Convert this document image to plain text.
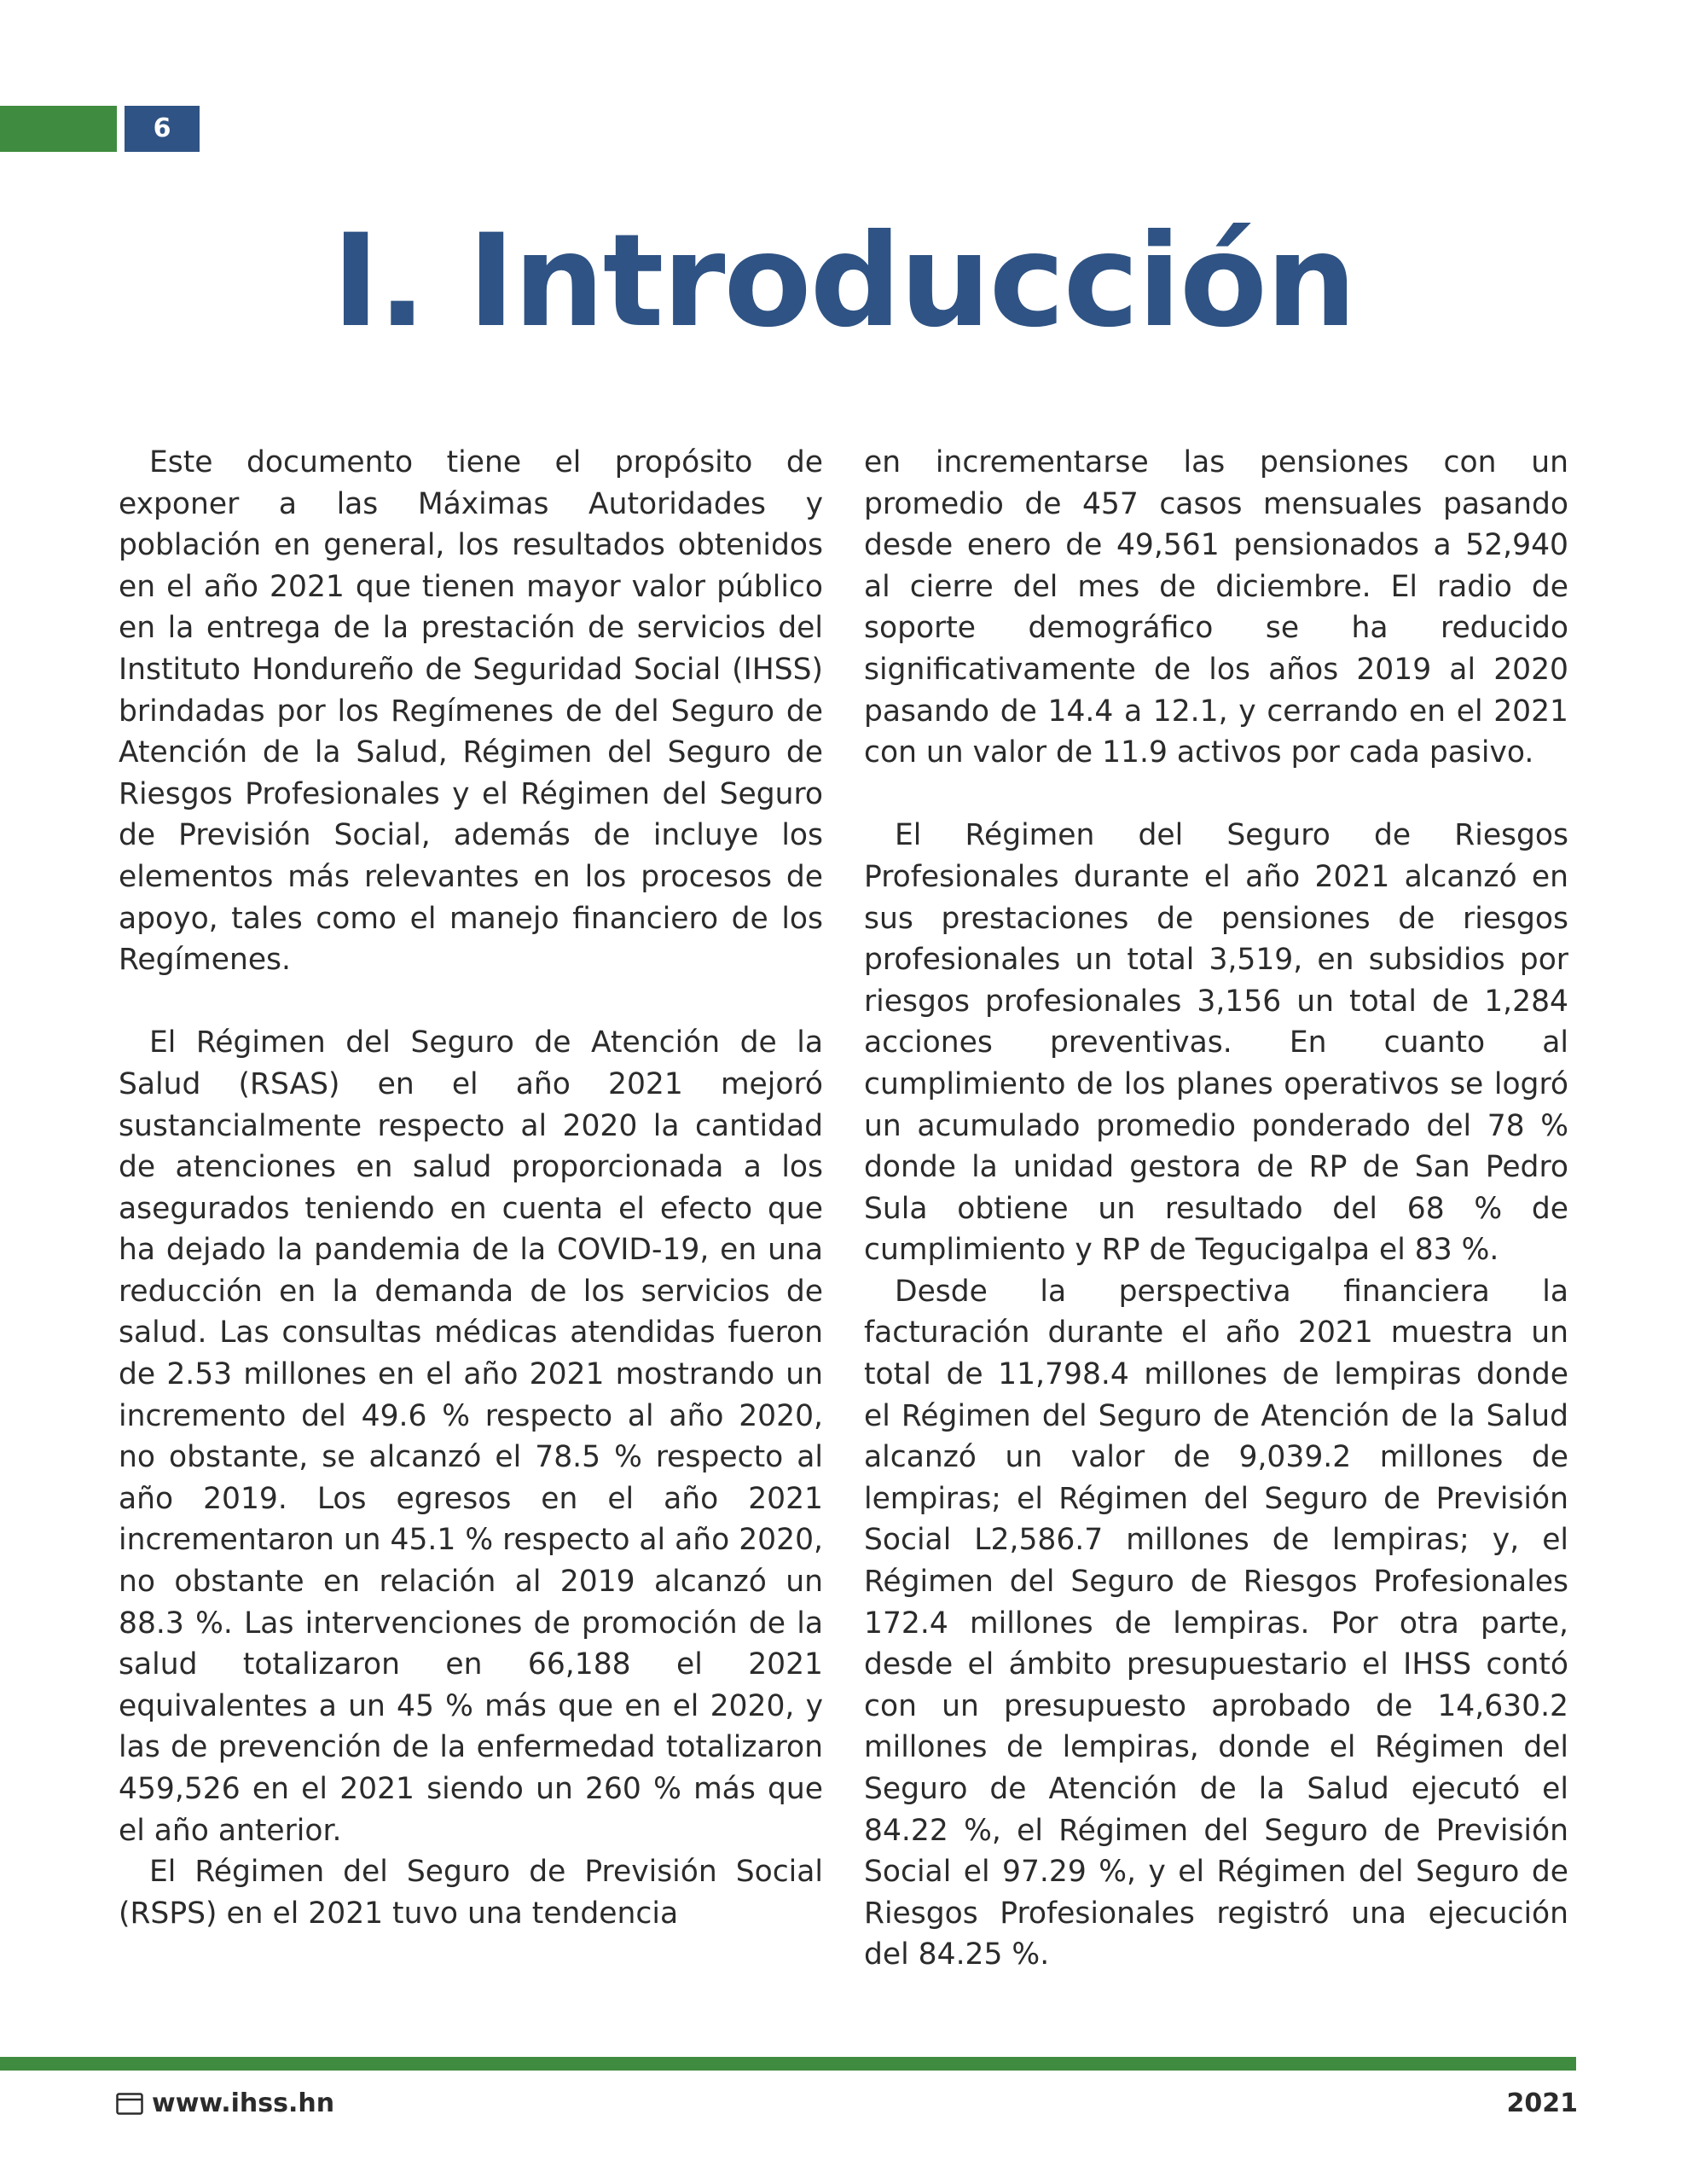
6
I. Introducción

Este documento tiene el propósito de exponer a las Máximas Autoridades y población en general, los resultados obtenidos en el año 2021 que tienen mayor valor público en la entrega de la prestación de servicios del Instituto Hondureño de Seguridad Social (IHSS) brindadas por los Regímenes de del Seguro de Atención de la Salud, Régimen del Seguro de Riesgos Profesionales y el Régimen del Seguro de Previsión Social, además de incluye los elementos más relevantes en los procesos de apoyo, tales como el manejo financiero de los Regímenes.

El Régimen del Seguro de Atención de la Salud (RSAS) en el año 2021 mejoró sustancialmente respecto al 2020 la cantidad de atenciones en salud proporcionada a los asegurados teniendo en cuenta el efecto que ha dejado la pandemia de la COVID-19, en una reducción en la demanda de los servicios de salud. Las consultas médicas atendidas fueron de 2.53 millones en el año 2021 mostrando un incremento del 49.6 % respecto al año 2020, no obstante, se alcanzó el 78.5 % respecto al año 2019. Los egresos en el año 2021 incrementaron un 45.1 % respecto al año 2020, no obstante en relación al 2019 alcanzó un 88.3 %. Las intervenciones de promoción de la salud totalizaron en 66,188 el 2021 equivalentes a un 45 % más que en el 2020, y las de prevención de la enfermedad totalizaron 459,526 en el 2021 siendo un 260 % más que el año anterior.

El Régimen del Seguro de Previsión Social (RSPS) en el 2021 tuvo una tendencia

en incrementarse las pensiones con un promedio de 457 casos mensuales pasando desde enero de 49,561 pensionados a 52,940 al cierre del mes de diciembre. El radio de soporte demográfico se ha reducido significativamente de los años 2019 al 2020 pasando de 14.4 a 12.1, y cerrando en el 2021 con un valor de 11.9 activos por cada pasivo.

El Régimen del Seguro de Riesgos Profesionales durante el año 2021 alcanzó en sus prestaciones de pensiones de riesgos profesionales un total 3,519, en subsidios por riesgos profesionales 3,156 un total de 1,284 acciones preventivas. En cuanto al cumplimiento de los planes operativos se logró un acumulado promedio ponderado del 78 % donde la unidad gestora de RP de San Pedro Sula obtiene un resultado del 68 % de cumplimiento y RP de Tegucigalpa el 83 %.

Desde la perspectiva financiera la facturación durante el año 2021 muestra un total de 11,798.4 millones de lempiras donde el Régimen del Seguro de Atención de la Salud alcanzó un valor de 9,039.2 millones de lempiras; el Régimen del Seguro de Previsión Social L2,586.7 millones de lempiras; y, el Régimen del Seguro de Riesgos Profesionales 172.4 millones de lempiras. Por otra parte, desde el ámbito presupuestario el IHSS contó con un presupuesto aprobado de 14,630.2 millones de lempiras, donde el Régimen del Seguro de Atención de la Salud ejecutó el 84.22 %, el Régimen del Seguro de Previsión Social el 97.29 %, y el Régimen del Seguro de Riesgos Profesionales registró una ejecución del 84.25 %.

www.ihss.hn	2021
